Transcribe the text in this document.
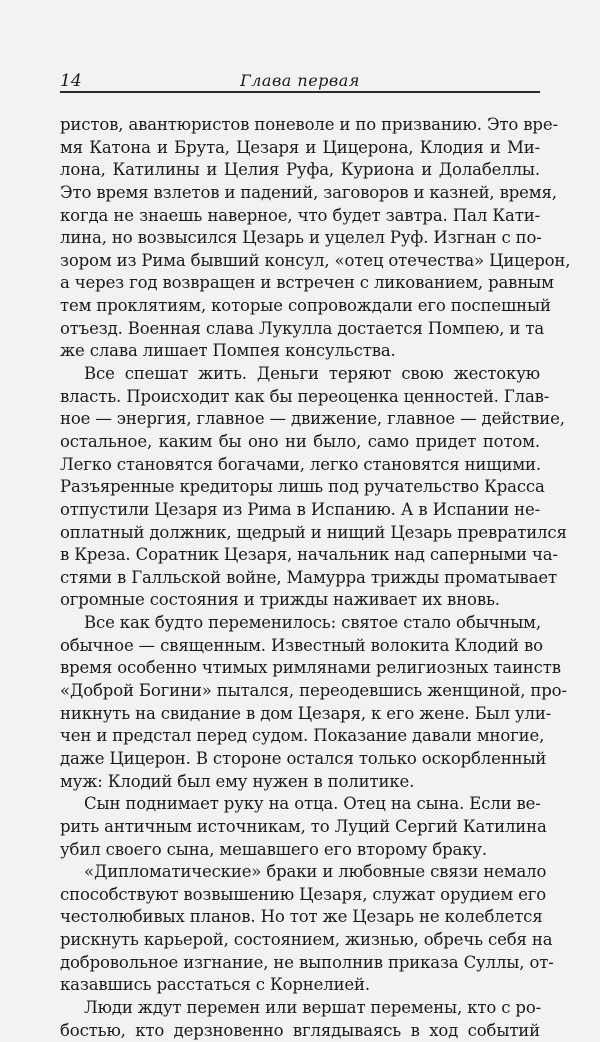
14	Глава первая
ристов, авантюристов поневоле и по призванию. Это вре-
мя Катона и Брута, Цезаря и Цицерона, Клодия и Ми-
лона, Катилины и Целия Руфа, Куриона и Долабеллы.
Это время взлетов и падений, заговоров и казней, время,
когда не знаешь наверное, что будет завтра. Пал Кати-
лина, но возвысился Цезарь и уцелел Руф. Изгнан с по-
зором из Рима бывший консул, «отец отечества» Цицерон,
а через год возвращен и встречен с ликованием, равным
тем проклятиям, которые сопровождали его поспешный
отъезд. Военная слава Лукулла достается Помпею, и та
же слава лишает Помпея консульства.
Все спешат жить. Деньги теряют свою жестокую
власть. Происходит как бы переоценка ценностей. Глав-
ное — энергия, главное — движение, главное — действие,
остальное, каким бы оно ни было, само придет потом.
Легко становятся богачами, легко становятся нищими.
Разъяренные кредиторы лишь под ручательство Красса
отпустили Цезаря из Рима в Испанию. А в Испании не-
оплатный должник, щедрый и нищий Цезарь превратился
в Креза. Соратник Цезаря, начальник над саперными ча-
стями в Галльской войне, Мамурра трижды проматывает
огромные состояния и трижды наживает их вновь.
Все как будто переменилось: святое стало обычным,
обычное — священным. Известный волокита Клодий во
время особенно чтимых римлянами религиозных таинств
«Доброй Богини» пытался, переодевшись женщиной, про-
никнуть на свидание в дом Цезаря, к его жене. Был ули-
чен и предстал перед судом. Показание давали многие,
даже Цицерон. В стороне остался только оскорбленный
муж: Клодий был ему нужен в политике.
Сын поднимает руку на отца. Отец на сына. Если ве-
рить античным источникам, то Луций Сергий Катилина
убил своего сына, мешавшего его второму браку.
«Дипломатические» браки и любовные связи немало
способствуют возвышению Цезаря, служат орудием его
честолюбивых планов. Но тот же Цезарь не колеблется
рискнуть карьерой, состоянием, жизнью, обречь себя на
добровольное изгнание, не выполнив приказа Суллы, от-
казавшись расстаться с Корнелией.
Люди ждут перемен или вершат перемены, кто с ро-
бостью, кто дерзновенно вглядываясь в ход событий
